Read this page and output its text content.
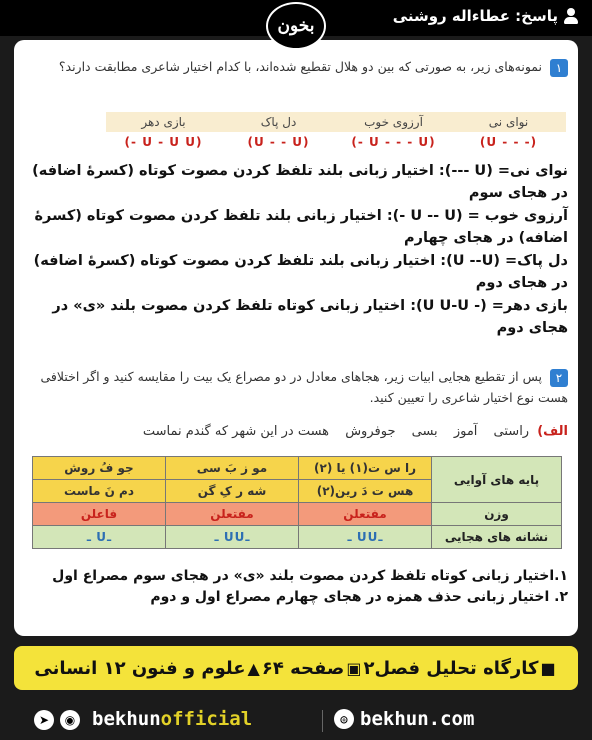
پاسخ: عطاءاله روشنی
بخون
۱ نمونه‌های زیر، به صورتی که بین دو هلال تقطیع شده‌اند، با کدام اختیار شاعری مطابقت دارند؟
نوای نی	آرزوی خوب	دل پاک	بازی دهر
(- - - U)	(U - - - U -)	(U - - U)	(U - U U -)

نوای نی= (U ---): اختیار زبانی بلند تلفظ کردن مصوت کوتاه (کسرهٔ اضافه) در هجای سوم

آرزوی خوب = (U -- U -): اختیار زبانی بلند تلفظ کردن مصوت کوتاه (کسرهٔ اضافه) در هجای چهارم

دل پاک= (U --U): اختیار زبانی بلند تلفظ کردن مصوت کوتاه (کسرهٔ اضافه) در هجای دوم

بازی دهر= (- U U-U): اختیار زبانی کوتاه تلفظ کردن مصوت بلند «ی» در هجای دوم

۲ پس از تقطیع هجایی ابیات زیر، هجاهای معادل در دو مصراع یک بیت را مقایسه کنید و اگر اختلافی هست نوع اختیار شاعری را تعیین کنید.
الف) راستی آموز بسی جوفروش هست در این شهر که گندم نماست
پایه های آوایی	را س ت(۱) یا (۲)	مو ز بَ سی	جو فُ روش
	هس ت دَ رین(۲)	شه ر کِ گن	دم نَ ماست
وزن	مفتعلن	مفتعلن	فاعلن
نشانه های هجایی	ـUU ـ	ـUU ـ	ـU ـ

۱.اختیار زبانی کوتاه تلفظ کردن مصوت بلند «ی» در هجای سوم مصراع اول

۲. اختیار زبانی حذف همزه در هجای چهارم مصراع اول و دوم

■
کارگاه تحلیل فصل۲
▣
صفحه ۶۴
▲
علوم و فنون ۱۲ انسانی
➤	◉ bekhun official	◎ bekhun.com
